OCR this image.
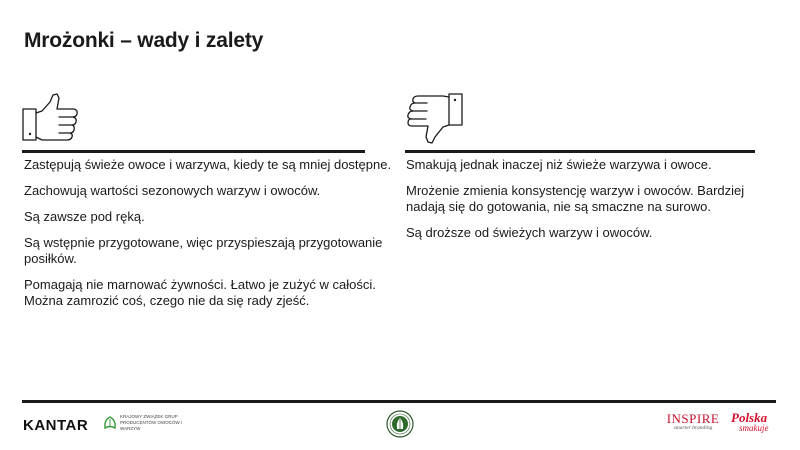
Mrożonki – wady i zalety

Zastępują świeże owoce i warzywa, kiedy te są mniej dostępne.

Zachowują wartości sezonowych warzyw i owoców.

Są zawsze pod ręką.

Są wstępnie przygotowane, więc przyspieszają przygotowanie posiłków.

Pomagają nie marnować żywności. Łatwo je zużyć w całości. Można zamrozić coś, czego nie da się rady zjeść.

Smakują jednak inaczej niż świeże warzywa i owoce.

Mrożenie zmienia konsystencję warzyw i owoców. Bardziej nadają się do gotowania, nie są smaczne na surowo.

Są droższe od świeżych warzyw i owoców.

KANTAR
KRAJOWY ZWIĄZEK GRUP PRODUCENTÓW OWOCÓW I WARZYW
INSPIRE
smarter branding
Polska
smakuje
